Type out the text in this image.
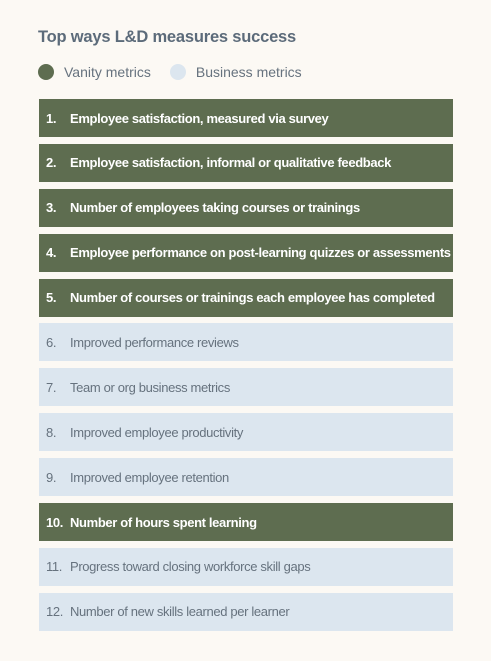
Top ways L&D measures success
Vanity metrics	Business metrics
1. Employee satisfaction, measured via survey
2. Employee satisfaction, informal or qualitative feedback
3. Number of employees taking courses or trainings
4. Employee performance on post-learning quizzes or assessments
5. Number of courses or trainings each employee has completed
6. Improved performance reviews
7. Team or org business metrics
8. Improved employee productivity
9. Improved employee retention
10. Number of hours spent learning
11. Progress toward closing workforce skill gaps
12. Number of new skills learned per learner
